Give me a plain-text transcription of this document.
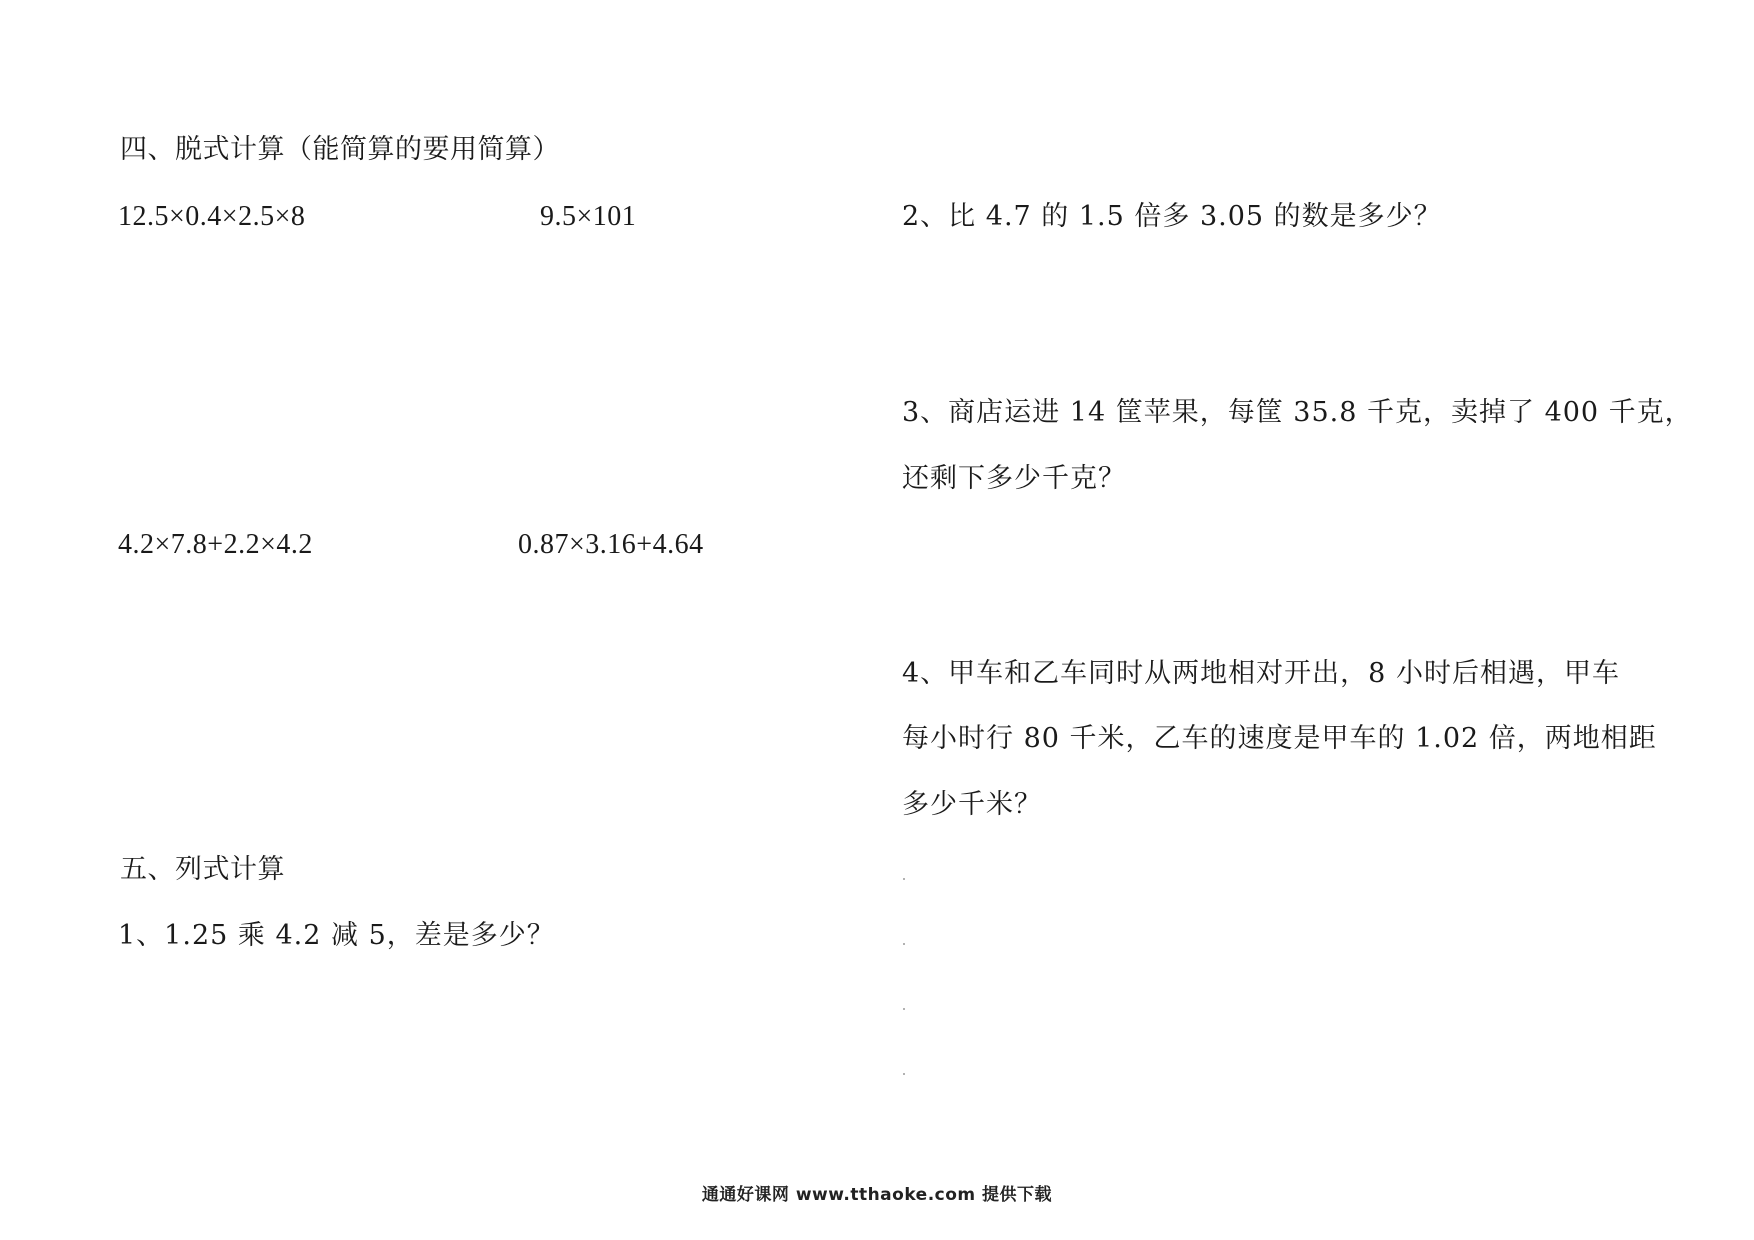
四、脱式计算（能简算的要用简算）
12.5×0.4×2.5×8	9.5×101
4.2×7.8+2.2×4.2	0.87×3.16+4.64
五、列式计算
1、1.25 乘 4.2 减 5，差是多少？
2、比 4.7 的 1.5 倍多 3.05 的数是多少？
3、商店运进 14 筐苹果，每筐 35.8 千克，卖掉了 400 千克，
还剩下多少千克？
4、甲车和乙车同时从两地相对开出，8 小时后相遇，甲车
每小时行 80 千米，乙车的速度是甲车的 1.02 倍，两地相距
多少千米？
通通好课网 www.tthaoke.com 提供下载
